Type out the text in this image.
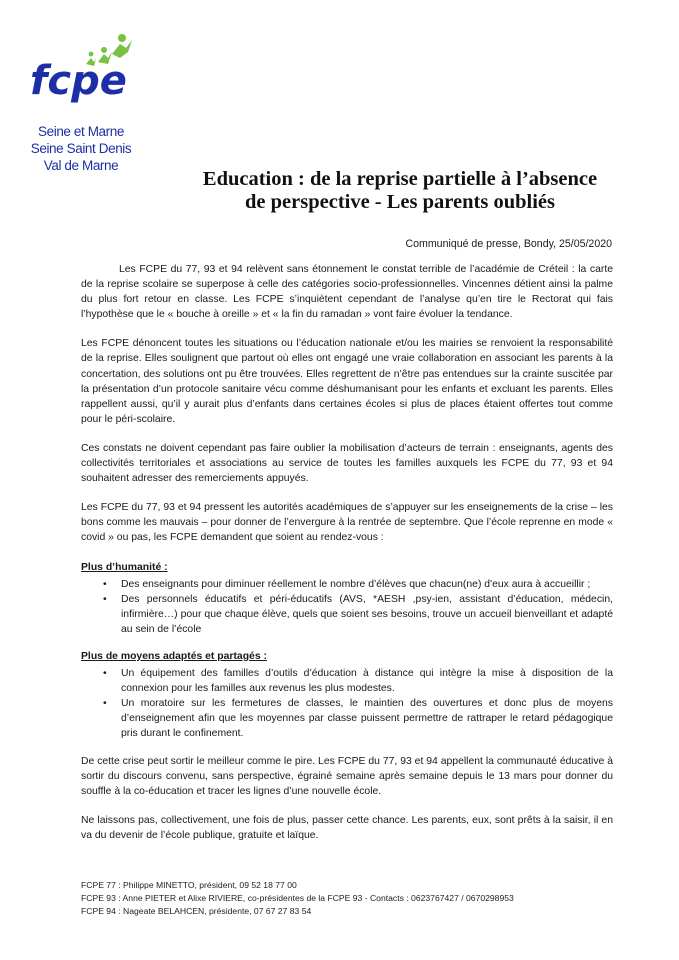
fcpe
Seine et Marne
Seine Saint Denis
Val de Marne
Education : de la reprise partielle à l’absence
de perspective - Les parents oubliés
Communiqué de presse, Bondy, 25/05/2020

Les FCPE du 77, 93 et 94 relèvent sans étonnement le constat terrible de l’académie de Créteil : la carte de la reprise scolaire se superpose à celle des catégories socio-professionnelles. Vincennes détient ainsi la palme du plus fort retour en classe. Les FCPE s’inquiètent cependant de l’analyse qu’en tire le Rectorat qui fais l’hypothèse que le « bouche à oreille » et « la fin du ramadan » vont faire évoluer la tendance.

Les FCPE dénoncent toutes les situations ou l’éducation nationale et/ou les mairies se renvoient la responsabilité de la reprise. Elles soulignent que partout où elles ont engagé une vraie collaboration en associant les parents à la concertation, des solutions ont pu être trouvées. Elles regrettent de n’être pas entendues sur la crainte suscitée par la présentation d’un protocole sanitaire vécu comme déshumanisant pour les enfants et excluant les parents. Elles rappellent aussi, qu’il y aurait plus d’enfants dans certaines écoles si plus de places étaient offertes tout comme pour le péri-scolaire.

Ces constats ne doivent cependant pas faire oublier la mobilisation d’acteurs de terrain : enseignants, agents des collectivités territoriales et associations au service de toutes les familles auxquels les FCPE du 77, 93 et 94 souhaitent adresser des remerciements appuyés.

Les FCPE du 77, 93 et 94 pressent les autorités académiques de s’appuyer sur les enseignements de la crise – les bons comme les mauvais – pour donner de l’envergure à la rentrée de septembre. Que l’école reprenne en mode « covid » ou pas, les FCPE demandent que soient au rendez-vous :

Plus d’humanité :
• Des enseignants pour diminuer réellement le nombre d’élèves que chacun(ne) d'eux aura à accueillir ;
• Des personnels éducatifs et péri-éducatifs (AVS, *AESH ,psy-ien, assistant d’éducation, médecin, infirmière…) pour que chaque élève, quels que soient ses besoins, trouve un accueil bienveillant et adapté au sein de l’école
Plus de moyens adaptés et partagés :
• Un équipement des familles d’outils d’éducation à distance qui intègre la mise à disposition de la connexion pour les familles aux revenus les plus modestes.
• Un moratoire sur les fermetures de classes, le maintien des ouvertures et donc plus de moyens d’enseignement afin que les moyennes par classe puissent permettre de rattraper le retard pédagogique pris durant le confinement.

De cette crise peut sortir le meilleur comme le pire. Les FCPE du 77, 93 et 94 appellent la communauté éducative à sortir du discours convenu, sans perspective, égrainé semaine après semaine depuis le 13 mars pour donner du souffle à la co-éducation et tracer les lignes d’une nouvelle école.

Ne laissons pas, collectivement, une fois de plus, passer cette chance. Les parents, eux, sont prêts à la saisir, il en va du devenir de l’école publique, gratuite et laïque.

FCPE 77 : Philippe MINETTO, président, 09 52 18 77 00
FCPE 93 : Anne PIETER et Alixe RIVIERE, co-présidentes de la FCPE 93 - Contacts : 0623767427 / 0670298953
FCPE 94 : Nageate BELAHCEN, présidente, 07 67 27 83 54
